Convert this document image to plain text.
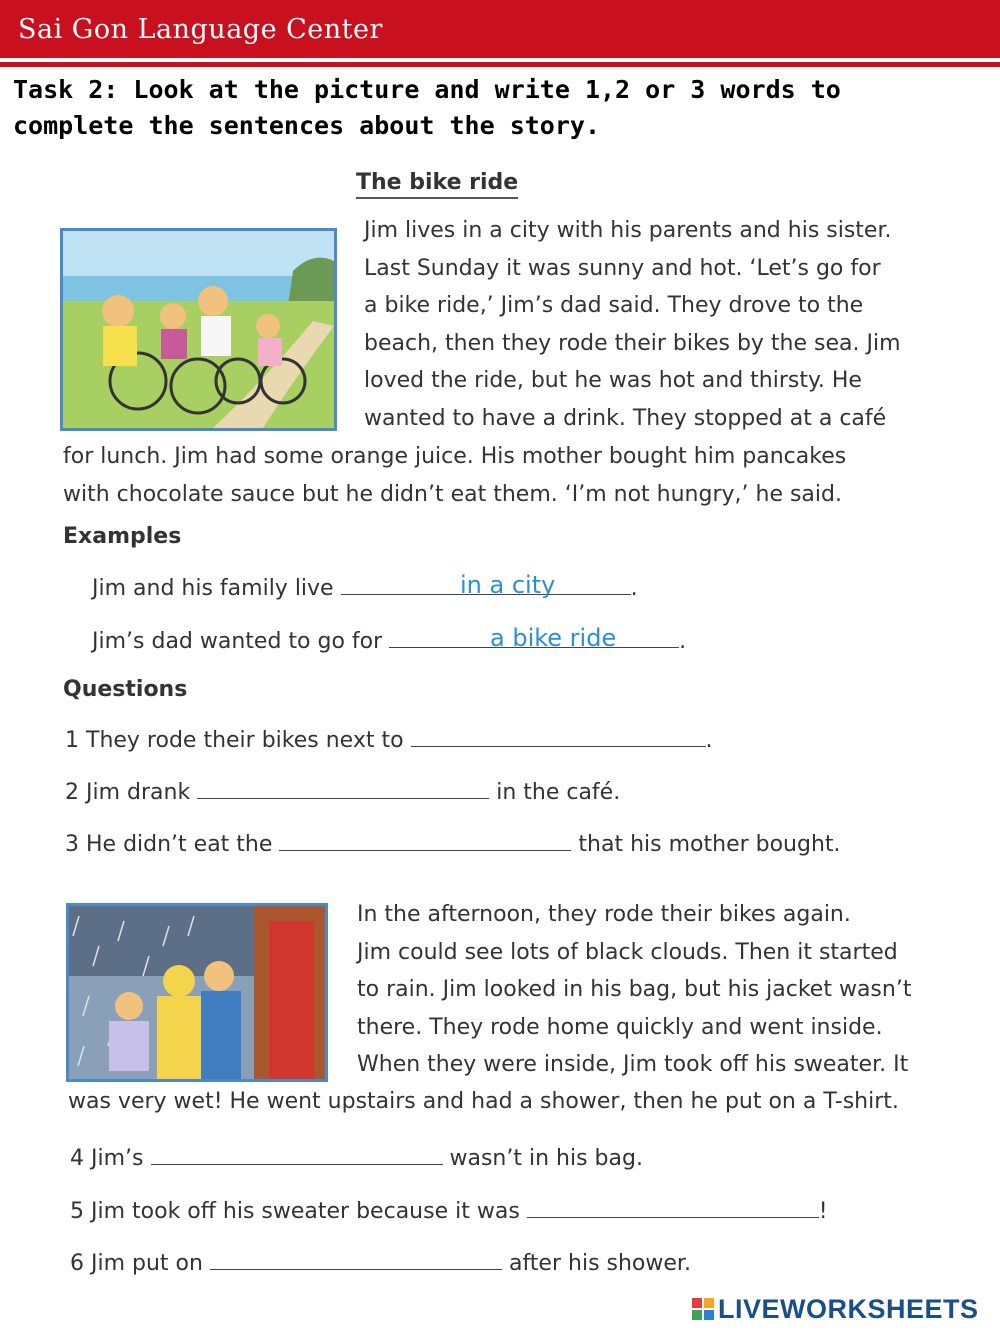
Sai Gon Language Center
Task 2: Look at the picture and write 1,2 or 3 words to complete the sentences about the story.
The bike ride
Jim lives in a city with his parents and his sister.
Last Sunday it was sunny and hot. ‘Let’s go for
a bike ride,’ Jim’s dad said. They drove to the
beach, then they rode their bikes by the sea. Jim
loved the ride, but he was hot and thirsty. He
wanted to have a drink. They stopped at a café
for lunch. Jim had some orange juice. His mother bought him pancakes
with chocolate sauce but he didn’t eat them. ‘I’m not hungry,’ he said.
Examples
Jim and his family live	.
in a city
Jim’s dad wanted to go for	.
a bike ride
Questions
1 They rode their bikes next to	.
2 Jim drank	in the café.
3 He didn’t eat the	that his mother bought.
In the afternoon, they rode their bikes again.
Jim could see lots of black clouds. Then it started
to rain. Jim looked in his bag, but his jacket wasn’t
there. They rode home quickly and went inside.
When they were inside, Jim took off his sweater. It
was very wet! He went upstairs and had a shower, then he put on a T-shirt.
4 Jim’s	wasn’t in his bag.
5 Jim took off his sweater because it was	!
6 Jim put on	after his shower.
LIVEWORKSHEETS
